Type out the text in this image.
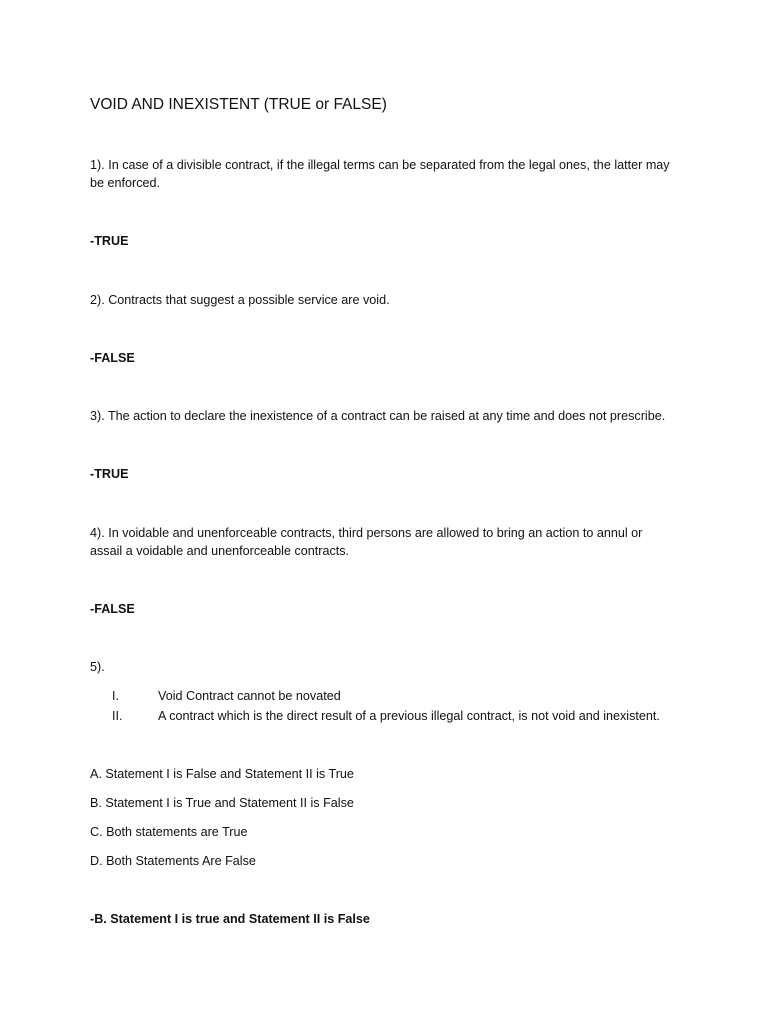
VOID AND INEXISTENT (TRUE or FALSE)

1). In case of a divisible contract, if the illegal terms can be separated from the legal ones, the latter may

be enforced.

-TRUE

2). Contracts that suggest a possible service are void.

-FALSE

3). The action to declare the inexistence of a contract can be raised at any time and does not prescribe.

-TRUE

4). In voidable and unenforceable contracts, third persons are allowed to bring an action to annul or

assail a voidable and unenforceable contracts.

-FALSE

5).

I.	Void Contract cannot be novated
II.	A contract which is the direct result of a previous illegal contract, is not void and inexistent.

A. Statement I is False and Statement II is True

B. Statement I is True and Statement II is False

C. Both statements are True

D. Both Statements Are False

-B. Statement I is true and Statement II is False
